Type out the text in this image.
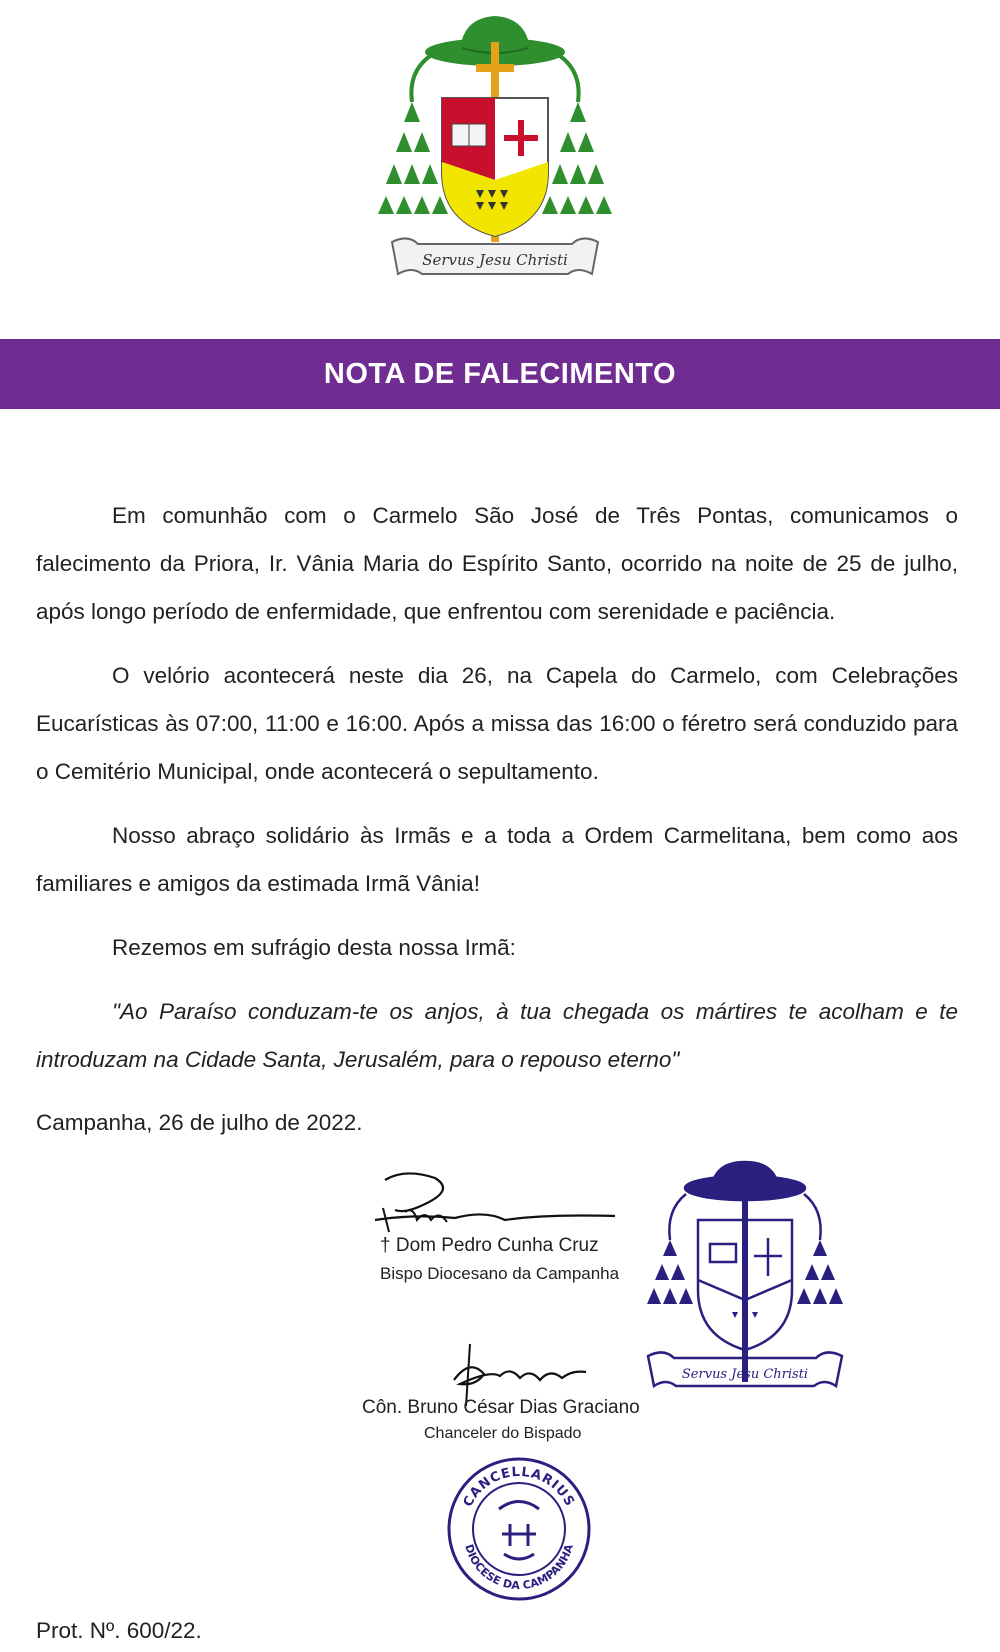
Servus Jesu Christi
NOTA DE FALECIMENTO

Em comunhão com o Carmelo São José de Três Pontas, comunicamos o falecimento da Priora, Ir. Vânia Maria do Espírito Santo, ocorrido na noite de 25 de julho, após longo período de enfermidade, que enfrentou com serenidade e paciência.

O velório acontecerá neste dia 26, na Capela do Carmelo, com Celebrações Eucarísticas às 07:00, 11:00 e 16:00. Após a missa das 16:00 o féretro será conduzido para o Cemitério Municipal, onde acontecerá o sepultamento.

Nosso abraço solidário às Irmãs e a toda a Ordem Carmelitana, bem como aos familiares e amigos da estimada Irmã Vânia!

Rezemos em sufrágio desta nossa Irmã:

"Ao Paraíso conduzam-te os anjos, à tua chegada os mártires te acolham e te introduzam na Cidade Santa, Jerusalém, para o repouso eterno"

Campanha, 26 de julho de 2022.
† Dom Pedro Cunha Cruz
Bispo Diocesano da Campanha
Côn. Bruno César Dias Graciano
Chanceler do Bispado
Servus Jesu Christi
CANCELLARIUS
DIOCESE DA CAMPANHA
Prot. Nº. 600/22.
